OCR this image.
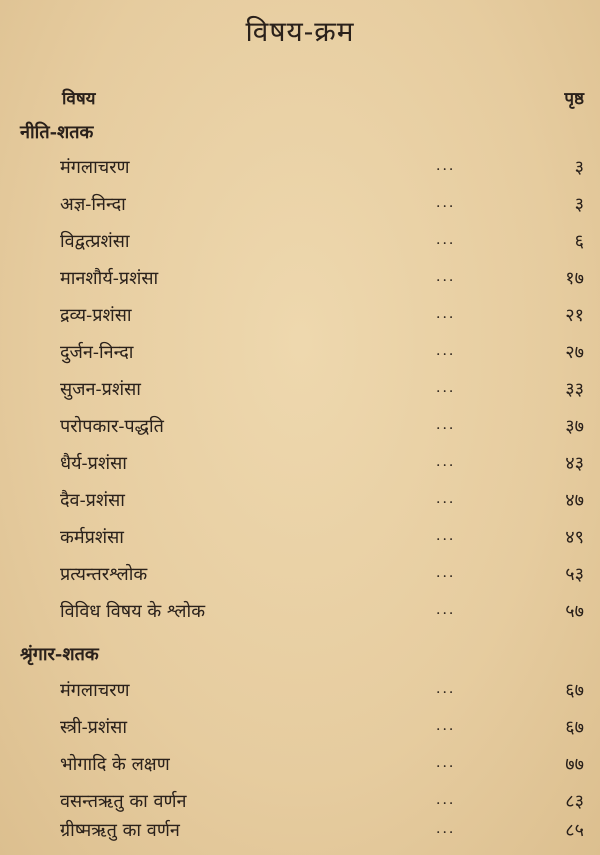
विषय-क्रम
विषय	पृष्ठ
नीति-शतक
मंगलाचरण	···	३
अज्ञ-निन्दा	···	३
विद्वत्प्रशंसा	···	६
मानशौर्य-प्रशंसा	···	१७
द्रव्य-प्रशंसा	···	२१
दुर्जन-निन्दा	···	२७
सुजन-प्रशंसा	···	३३
परोपकार-पद्धति	···	३७
धैर्य-प्रशंसा	···	४३
दैव-प्रशंसा	···	४७
कर्मप्रशंसा	···	४९
प्रत्यन्तरश्लोक	···	५३
विविध विषय के श्लोक	···	५७
श्रृंगार-शतक
मंगलाचरण	···	६७
स्त्री-प्रशंसा	···	६७
भोगादि के लक्षण	···	७७
वसन्तऋतु का वर्णन	···	८३
ग्रीष्मऋतु का वर्णन	···	८५
